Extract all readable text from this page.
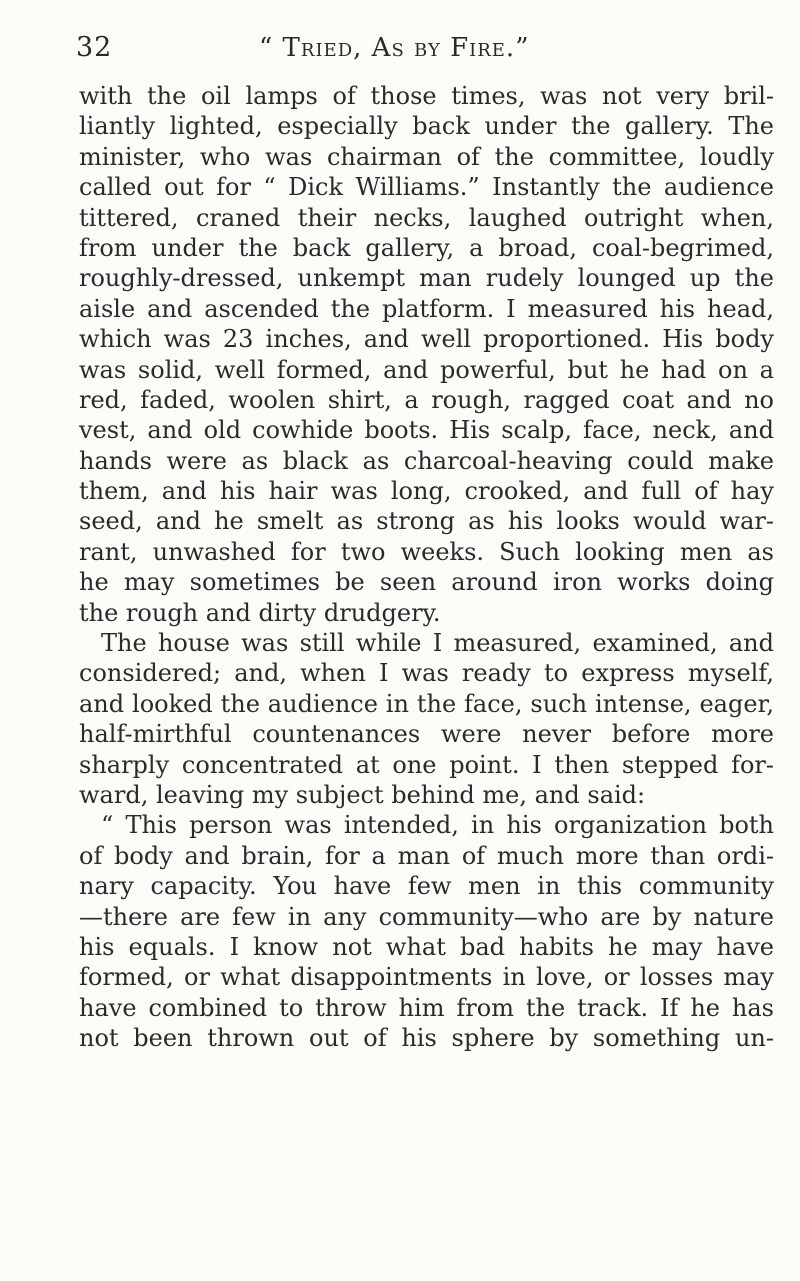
32	“ Tried, As by Fire.”
with the oil lamps of those times, was not very bril-
liantly lighted, especially back under the gallery. The
minister, who was chairman of the committee, loudly
called out for “ Dick Williams.” Instantly the audience
tittered, craned their necks, laughed outright when,
from under the back gallery, a broad, coal-begrimed,
roughly-dressed, unkempt man rudely lounged up the
aisle and ascended the platform. I measured his head,
which was 23 inches, and well proportioned. His body
was solid, well formed, and powerful, but he had on a
red, faded, woolen shirt, a rough, ragged coat and no
vest, and old cowhide boots. His scalp, face, neck, and
hands were as black as charcoal-heaving could make
them, and his hair was long, crooked, and full of hay
seed, and he smelt as strong as his looks would war-
rant, unwashed for two weeks. Such looking men as
he may sometimes be seen around iron works doing
the rough and dirty drudgery.
The house was still while I measured, examined, and
considered; and, when I was ready to express myself,
and looked the audience in the face, such intense, eager,
half-mirthful countenances were never before more
sharply concentrated at one point. I then stepped for-
ward, leaving my subject behind me, and said:
“ This person was intended, in his organization both
of body and brain, for a man of much more than ordi-
nary capacity. You have few men in this community
—there are few in any community—who are by nature
his equals. I know not what bad habits he may have
formed, or what disappointments in love, or losses may
have combined to throw him from the track. If he has
not been thrown out of his sphere by something un-
